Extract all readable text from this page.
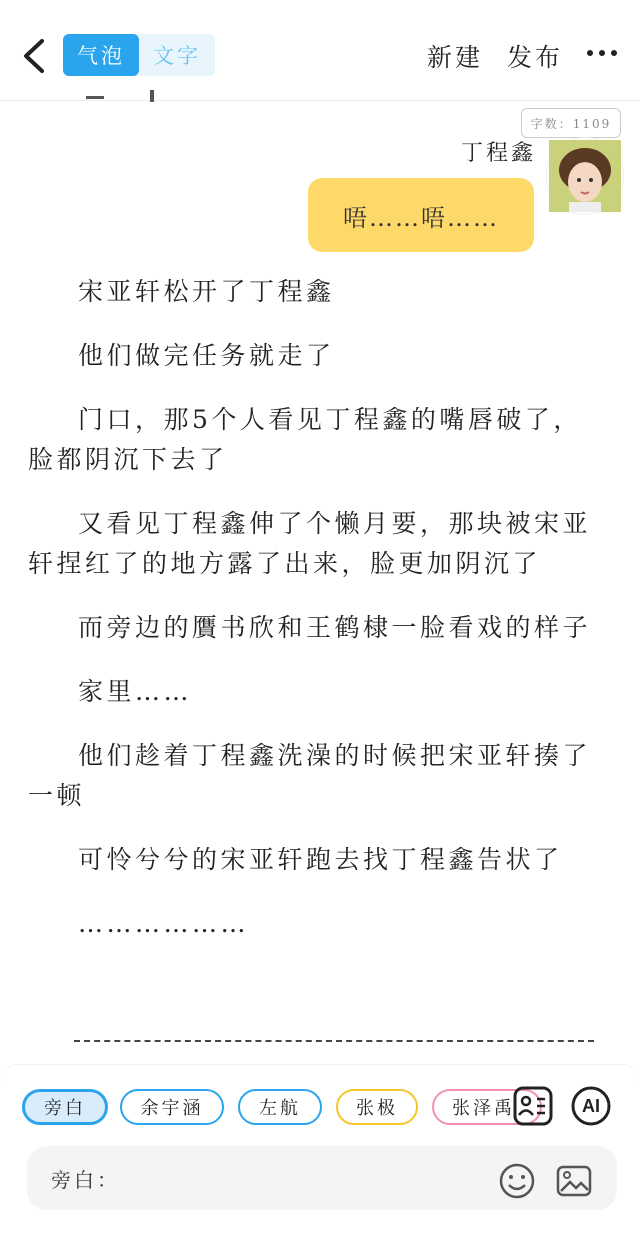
气泡	文字	新建 发布
字数：1109
丁程鑫
唔……唔……

宋亚轩松开了丁程鑫

他们做完任务就走了

门口，那5个人看见丁程鑫的嘴唇破了，脸都阴沉下去了

又看见丁程鑫伸了个懒月要，那块被宋亚轩捏红了的地方露了出来，脸更加阴沉了

而旁边的贋书欣和王鹤棣一脸看戏的样子

家里……

他们趁着丁程鑫洗澡的时候把宋亚轩揍了一顿

可怜兮兮的宋亚轩跑去找丁程鑫告状了

………………

旁白	余宇涵	左航	张极	张泽禹	AI
旁白：
